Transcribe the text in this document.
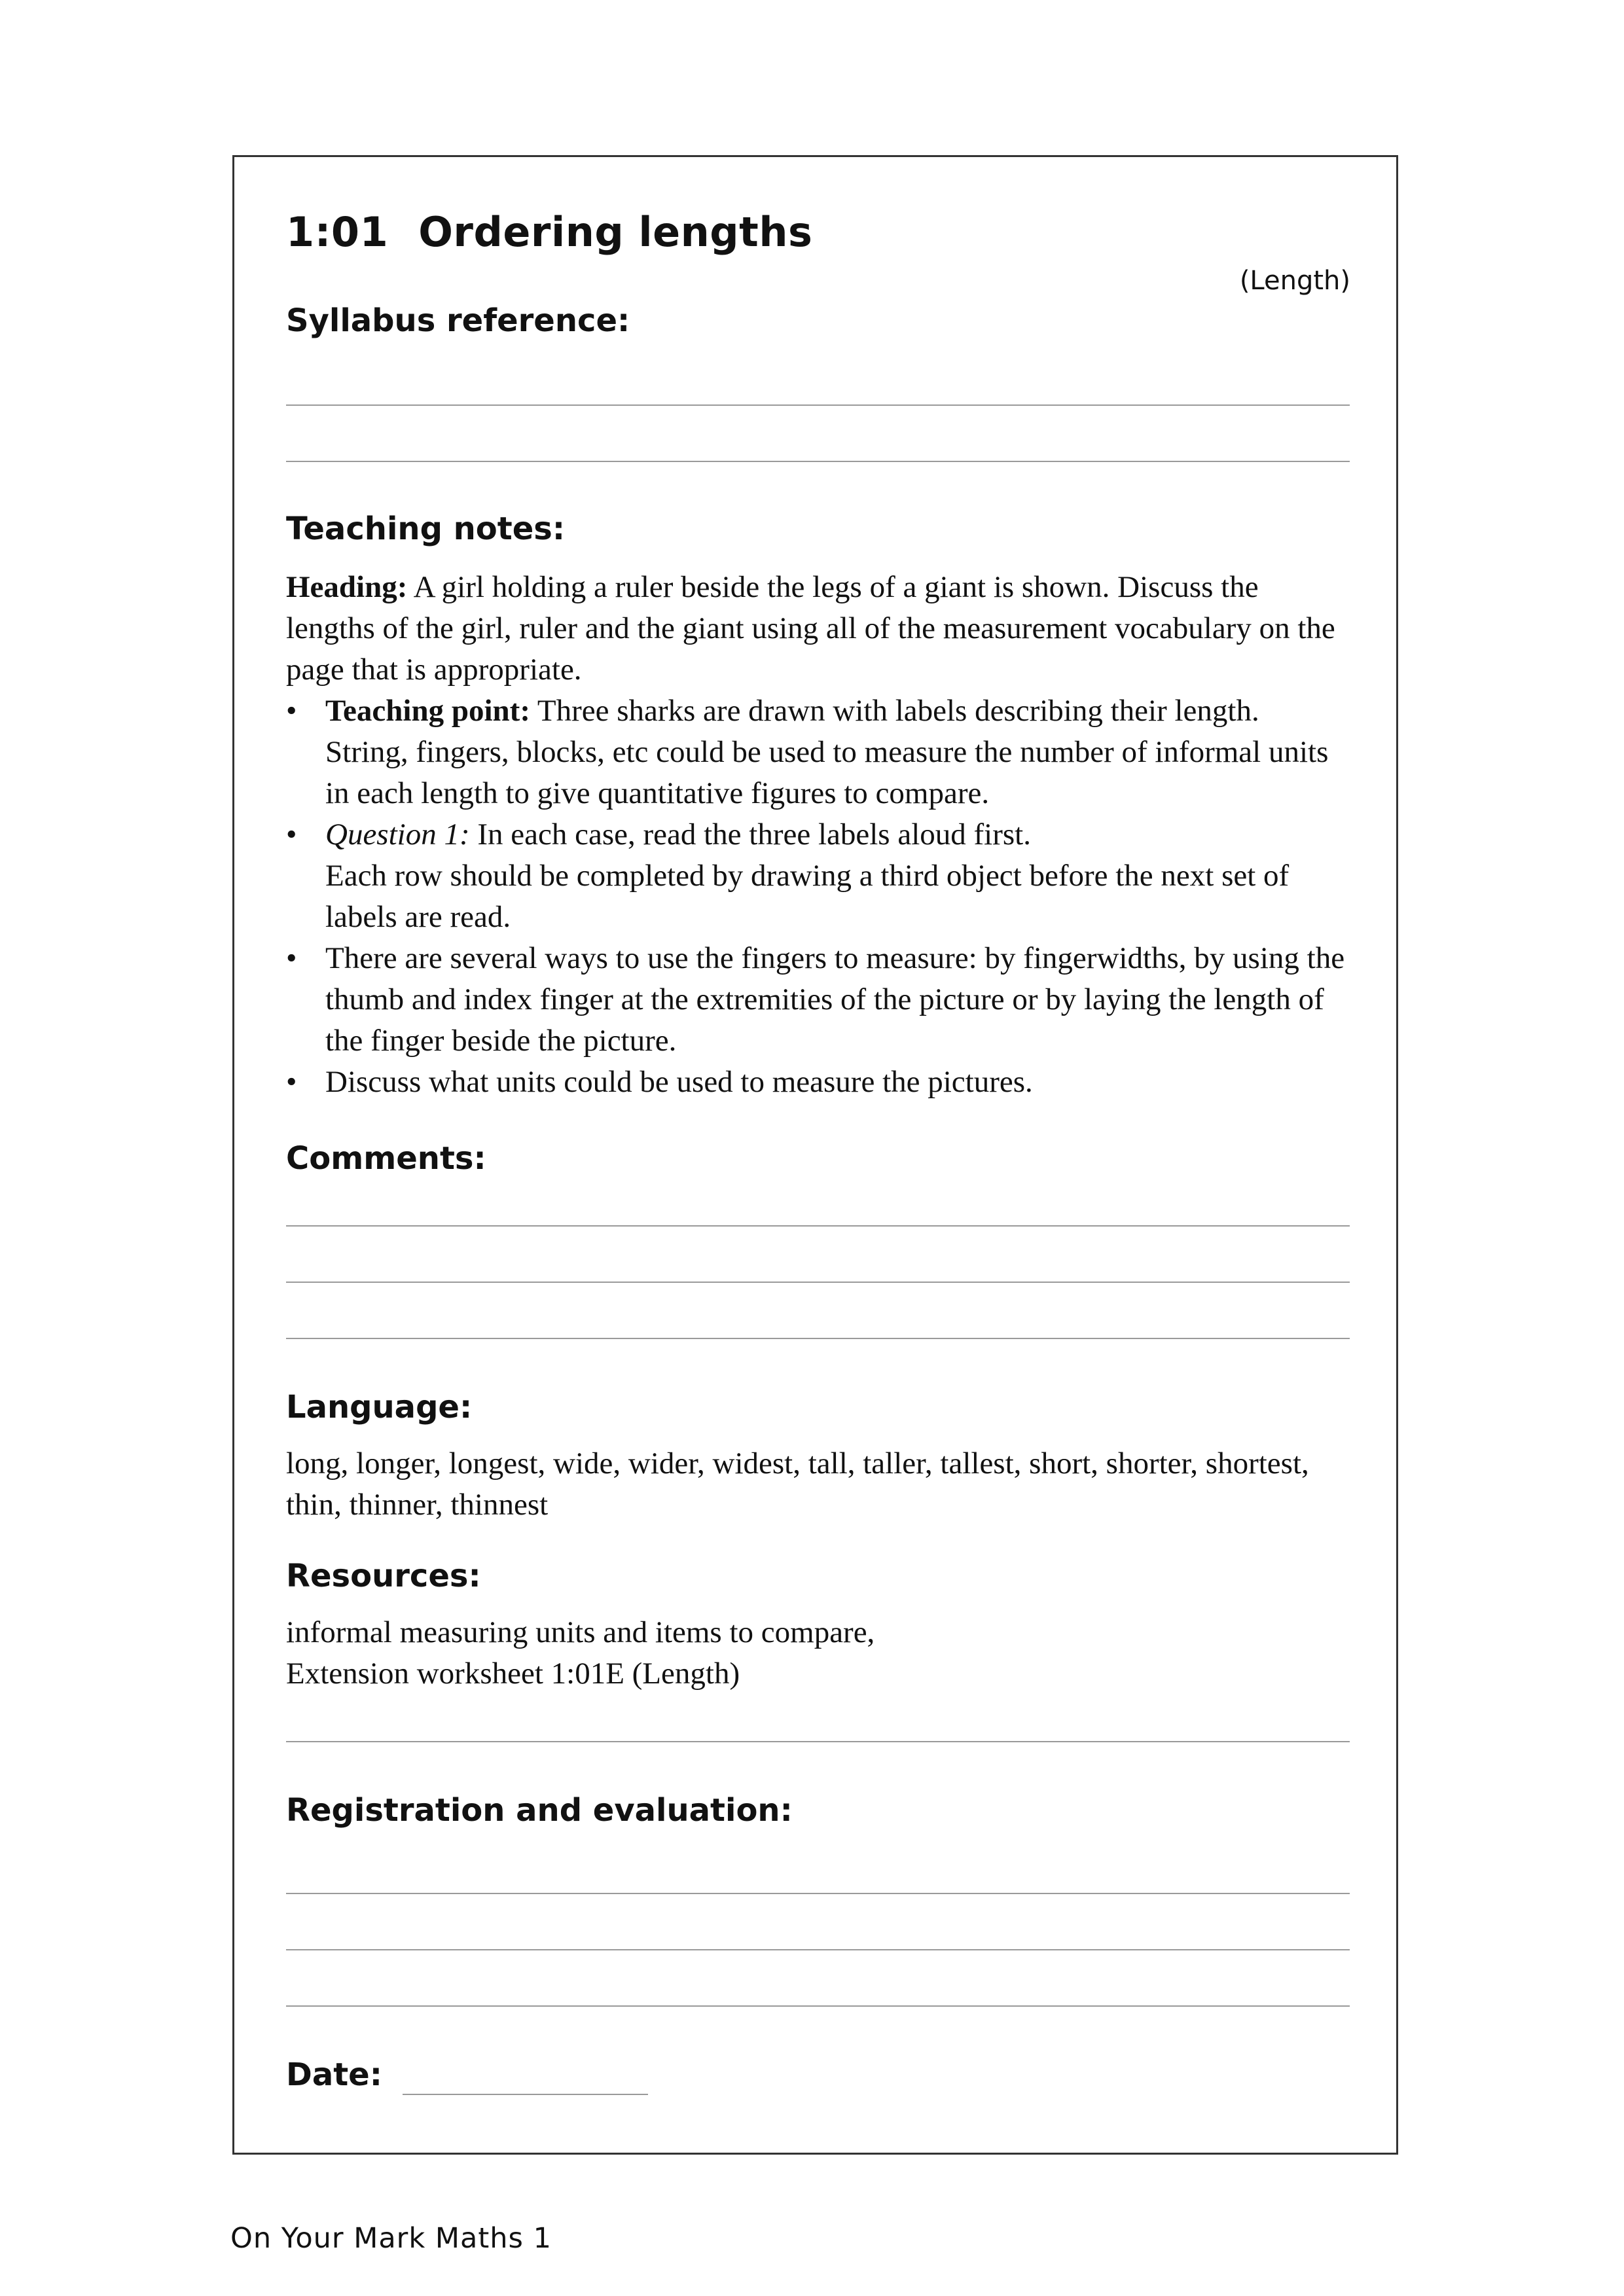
1:01 Ordering lengths
(Length)
Syllabus reference:
Teaching notes:

Heading: A girl holding a ruler beside the legs of a giant is shown. Discuss the lengths of the girl, ruler and the giant using all of the measurement vocabulary on the page that is appropriate.

• Teaching point: Three sharks are drawn with labels describing their length. String, fingers, blocks, etc could be used to measure the number of informal units in each length to give quantitative figures to compare.
• Question 1: In each case, read the three labels aloud first.
Each row should be completed by drawing a third object before the next set of labels are read.
• There are several ways to use the fingers to measure: by fingerwidths, by using the thumb and index finger at the extremities of the picture or by laying the length of the finger beside the picture.
• Discuss what units could be used to measure the pictures.
Comments:
Language:
long, longer, longest, wide, wider, widest, tall, taller, tallest, short, shorter, shortest, thin, thinner, thinnest
Resources:

informal measuring units and items to compare,

Extension worksheet 1:01E (Length)

Registration and evaluation:
Date:
On Your Mark Maths 1
